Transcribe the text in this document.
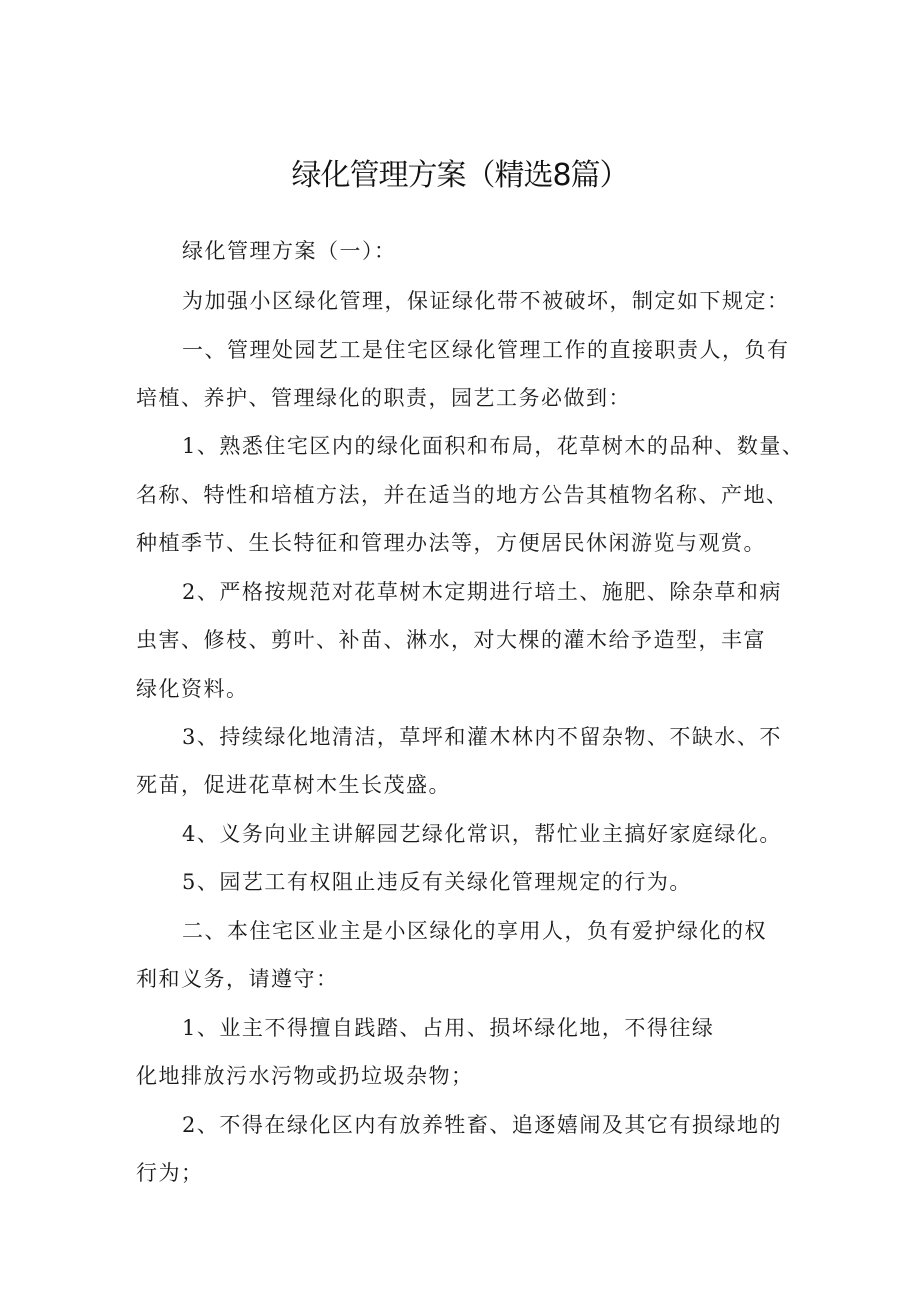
绿化管理方案（精选8篇）

绿化管理方案（一）：

为加强小区绿化管理，保证绿化带不被破坏，制定如下规定：

一、管理处园艺工是住宅区绿化管理工作的直接职责人，负有

培植、养护、管理绿化的职责，园艺工务必做到：

1、熟悉住宅区内的绿化面积和布局，花草树木的品种、数量、

名称、特性和培植方法，并在适当的地方公告其植物名称、产地、

种植季节、生长特征和管理办法等，方便居民休闲游览与观赏。

2、严格按规范对花草树木定期进行培土、施肥、除杂草和病

虫害、修枝、剪叶、补苗、淋水，对大棵的灌木给予造型，丰富

绿化资料。

3、持续绿化地清洁，草坪和灌木林内不留杂物、不缺水、不

死苗，促进花草树木生长茂盛。

4、义务向业主讲解园艺绿化常识，帮忙业主搞好家庭绿化。

5、园艺工有权阻止违反有关绿化管理规定的行为。

二、本住宅区业主是小区绿化的享用人，负有爱护绿化的权

利和义务，请遵守：

1、业主不得擅自践踏、占用、损坏绿化地，不得往绿

化地排放污水污物或扔垃圾杂物；

2、不得在绿化区内有放养牲畜、追逐嬉闹及其它有损绿地的

行为；
